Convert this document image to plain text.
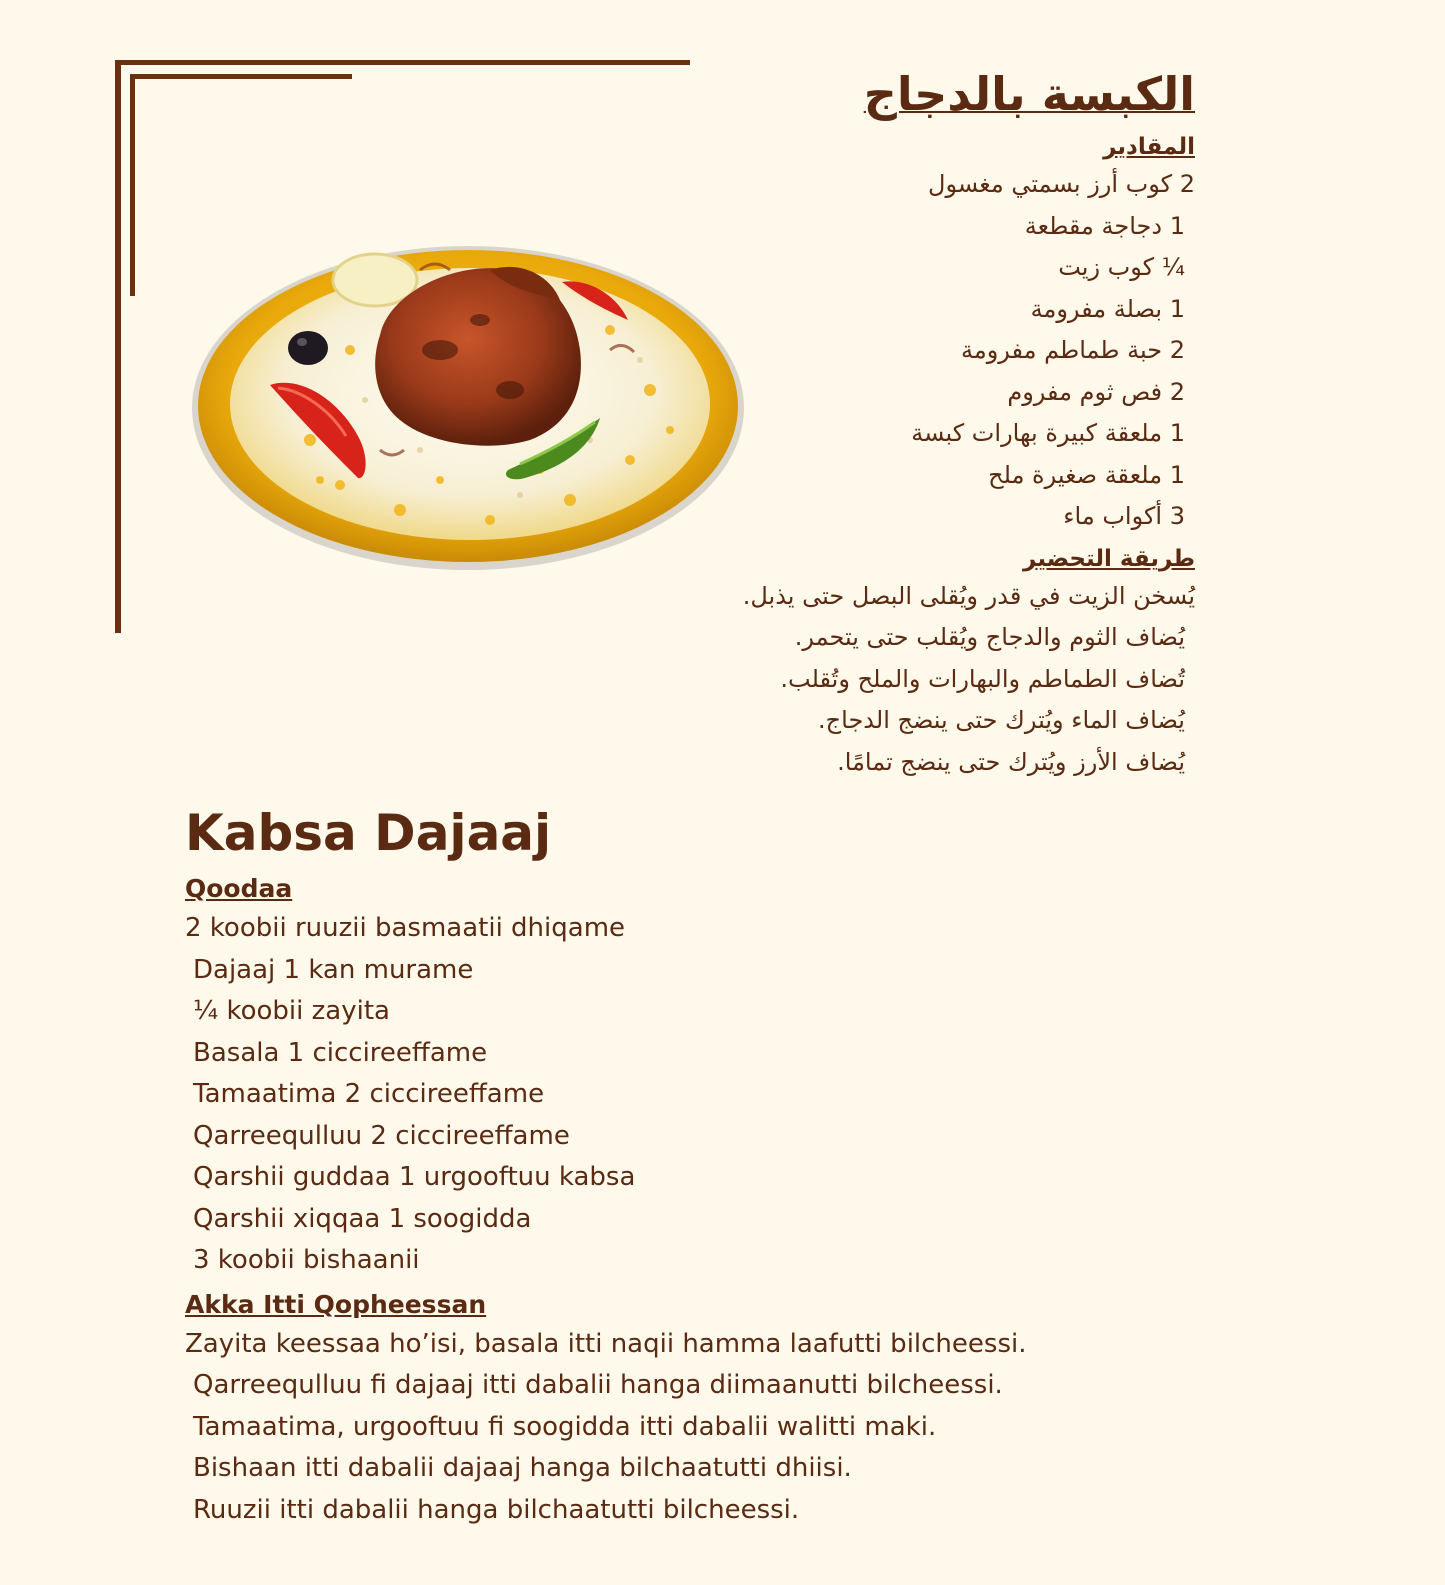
الكبسة بالدجاج
المقادير
2 كوب أرز بسمتي مغسول
1 دجاجة مقطعة
¼ كوب زيت
1 بصلة مفرومة
2 حبة طماطم مفرومة
2 فص ثوم مفروم
1 ملعقة كبيرة بهارات كبسة
1 ملعقة صغيرة ملح
3 أكواب ماء
طريقة التحضير
يُسخن الزيت في قدر ويُقلى البصل حتى يذبل.
يُضاف الثوم والدجاج ويُقلب حتى يتحمر.
تُضاف الطماطم والبهارات والملح وتُقلب.
يُضاف الماء ويُترك حتى ينضج الدجاج.
يُضاف الأرز ويُترك حتى ينضج تمامًا.
Kabsa Dajaaj
Qoodaa
2 koobii ruuzii basmaatii dhiqame
Dajaaj 1 kan murame
¼ koobii zayita
Basala 1 ciccireeffame
Tamaatima 2 ciccireeffame
Qarreequlluu 2 ciccireeffame
Qarshii guddaa 1 urgooftuu kabsa
Qarshii xiqqaa 1 soogidda
3 koobii bishaanii
Akka Itti Qopheessan
Zayita keessaa ho’isi, basala itti naqii hamma laafutti bilcheessi.
Qarreequlluu fi dajaaj itti dabalii hanga diimaanutti bilcheessi.
Tamaatima, urgooftuu fi soogidda itti dabalii walitti maki.
Bishaan itti dabalii dajaaj hanga bilchaatutti dhiisi.
Ruuzii itti dabalii hanga bilchaatutti bilcheessi.
